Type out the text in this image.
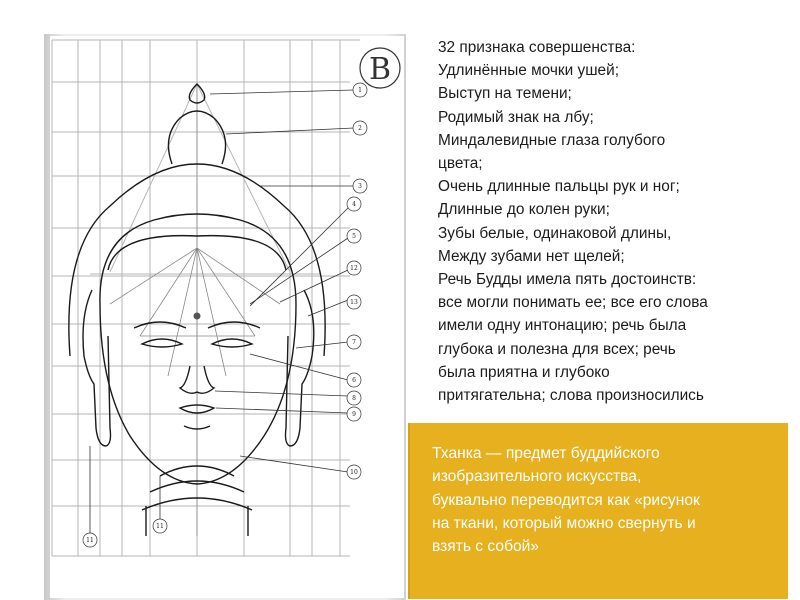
1
2
3
4
5
12
13
7
6
8
9
10
11
11
B
32 признака совершенства:
Удлинённые мочки ушей;
Выступ на темени;
Родимый знак на лбу;
Миндалевидные глаза голубого
цвета;
Очень длинные пальцы рук и ног;
Длинные до колен руки;
Зубы белые, одинаковой длины,
Между зубами нет щелей;
Речь Будды имела пять достоинств:
все могли понимать ее; все его слова
имели одну интонацию; речь была
глубока и полезна для всех; речь
была приятна и глубоко
притягательна; слова произносились
Тханка — предмет буддийского
изобразительного искусства,
буквально переводится как «рисунок
на ткани, который можно свернуть и
взять с собой»
